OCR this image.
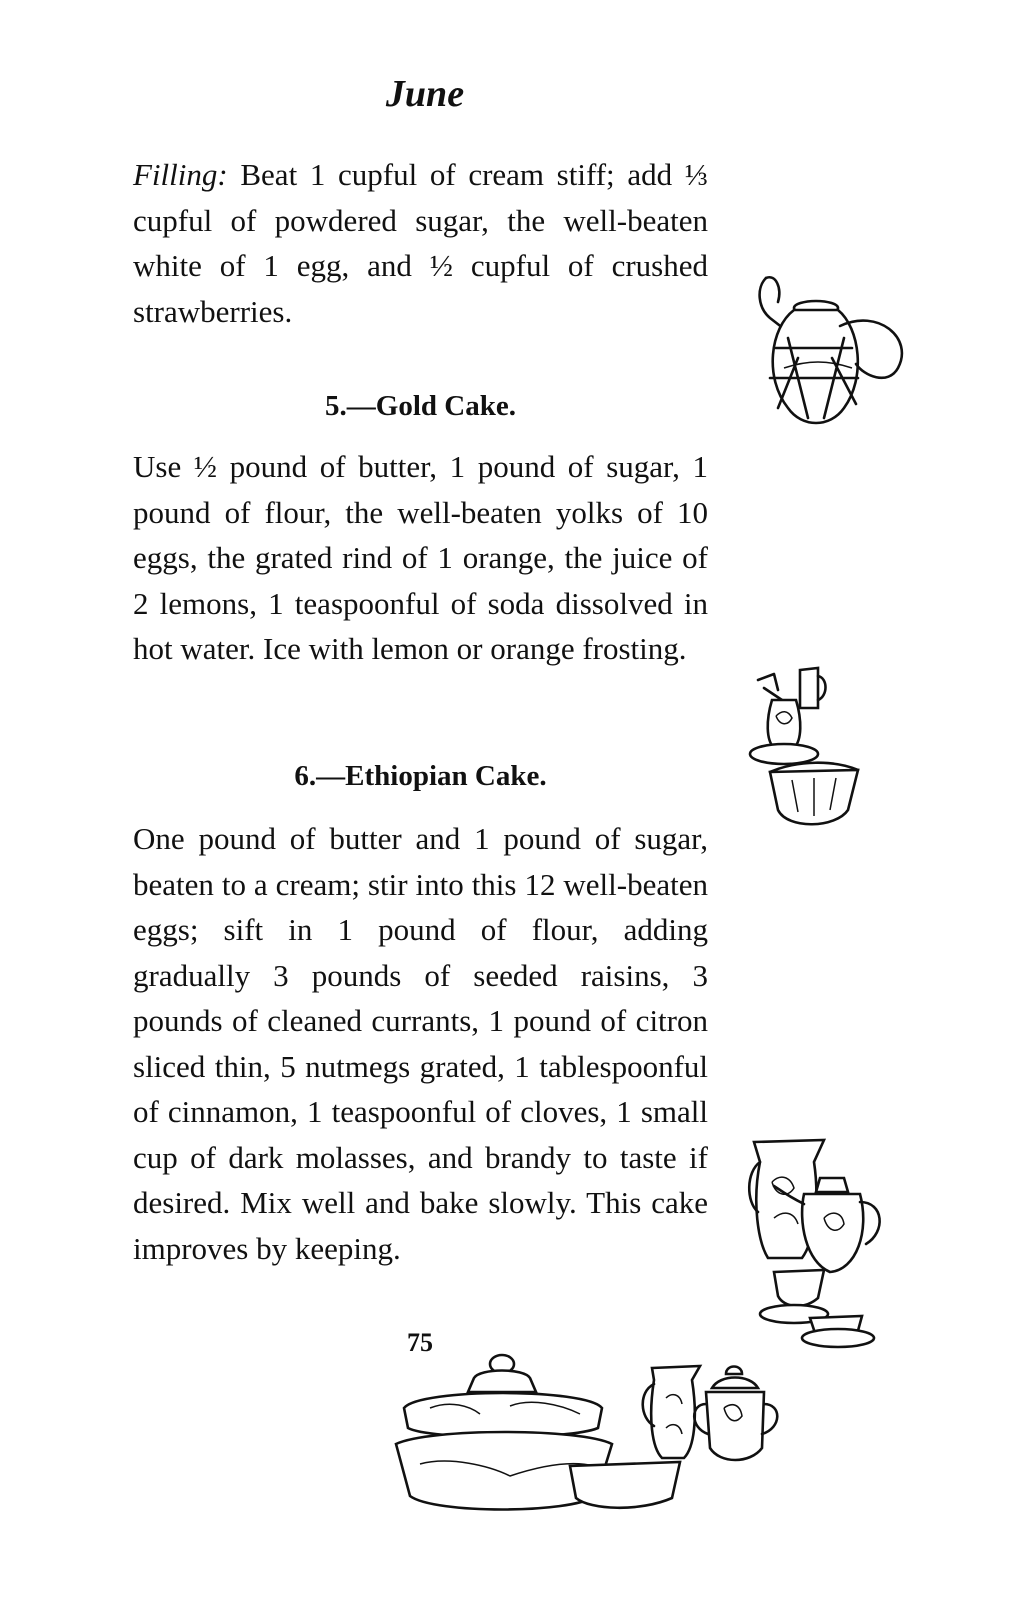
June
Filling: Beat 1 cupful of cream stiff; add ⅓ cupful of powdered sugar, the well-beaten white of 1 egg, and ½ cupful of crushed strawberries.
5.—Gold Cake.
Use ½ pound of butter, 1 pound of sugar, 1 pound of flour, the well-beaten yolks of 10 eggs, the grated rind of 1 orange, the juice of 2 lemons, 1 teaspoonful of soda dissolved in hot water. Ice with lemon or orange frosting.
6.—Ethiopian Cake.
One pound of butter and 1 pound of sugar, beaten to a cream; stir into this 12 well-beaten eggs; sift in 1 pound of flour, adding gradually 3 pounds of seeded raisins, 3 pounds of cleaned currants, 1 pound of citron sliced thin, 5 nutmegs grated, 1 tablespoonful of cinnamon, 1 teaspoonful of cloves, 1 small cup of dark molasses, and brandy to taste if desired. Mix well and bake slowly. This cake improves by keeping.
75
